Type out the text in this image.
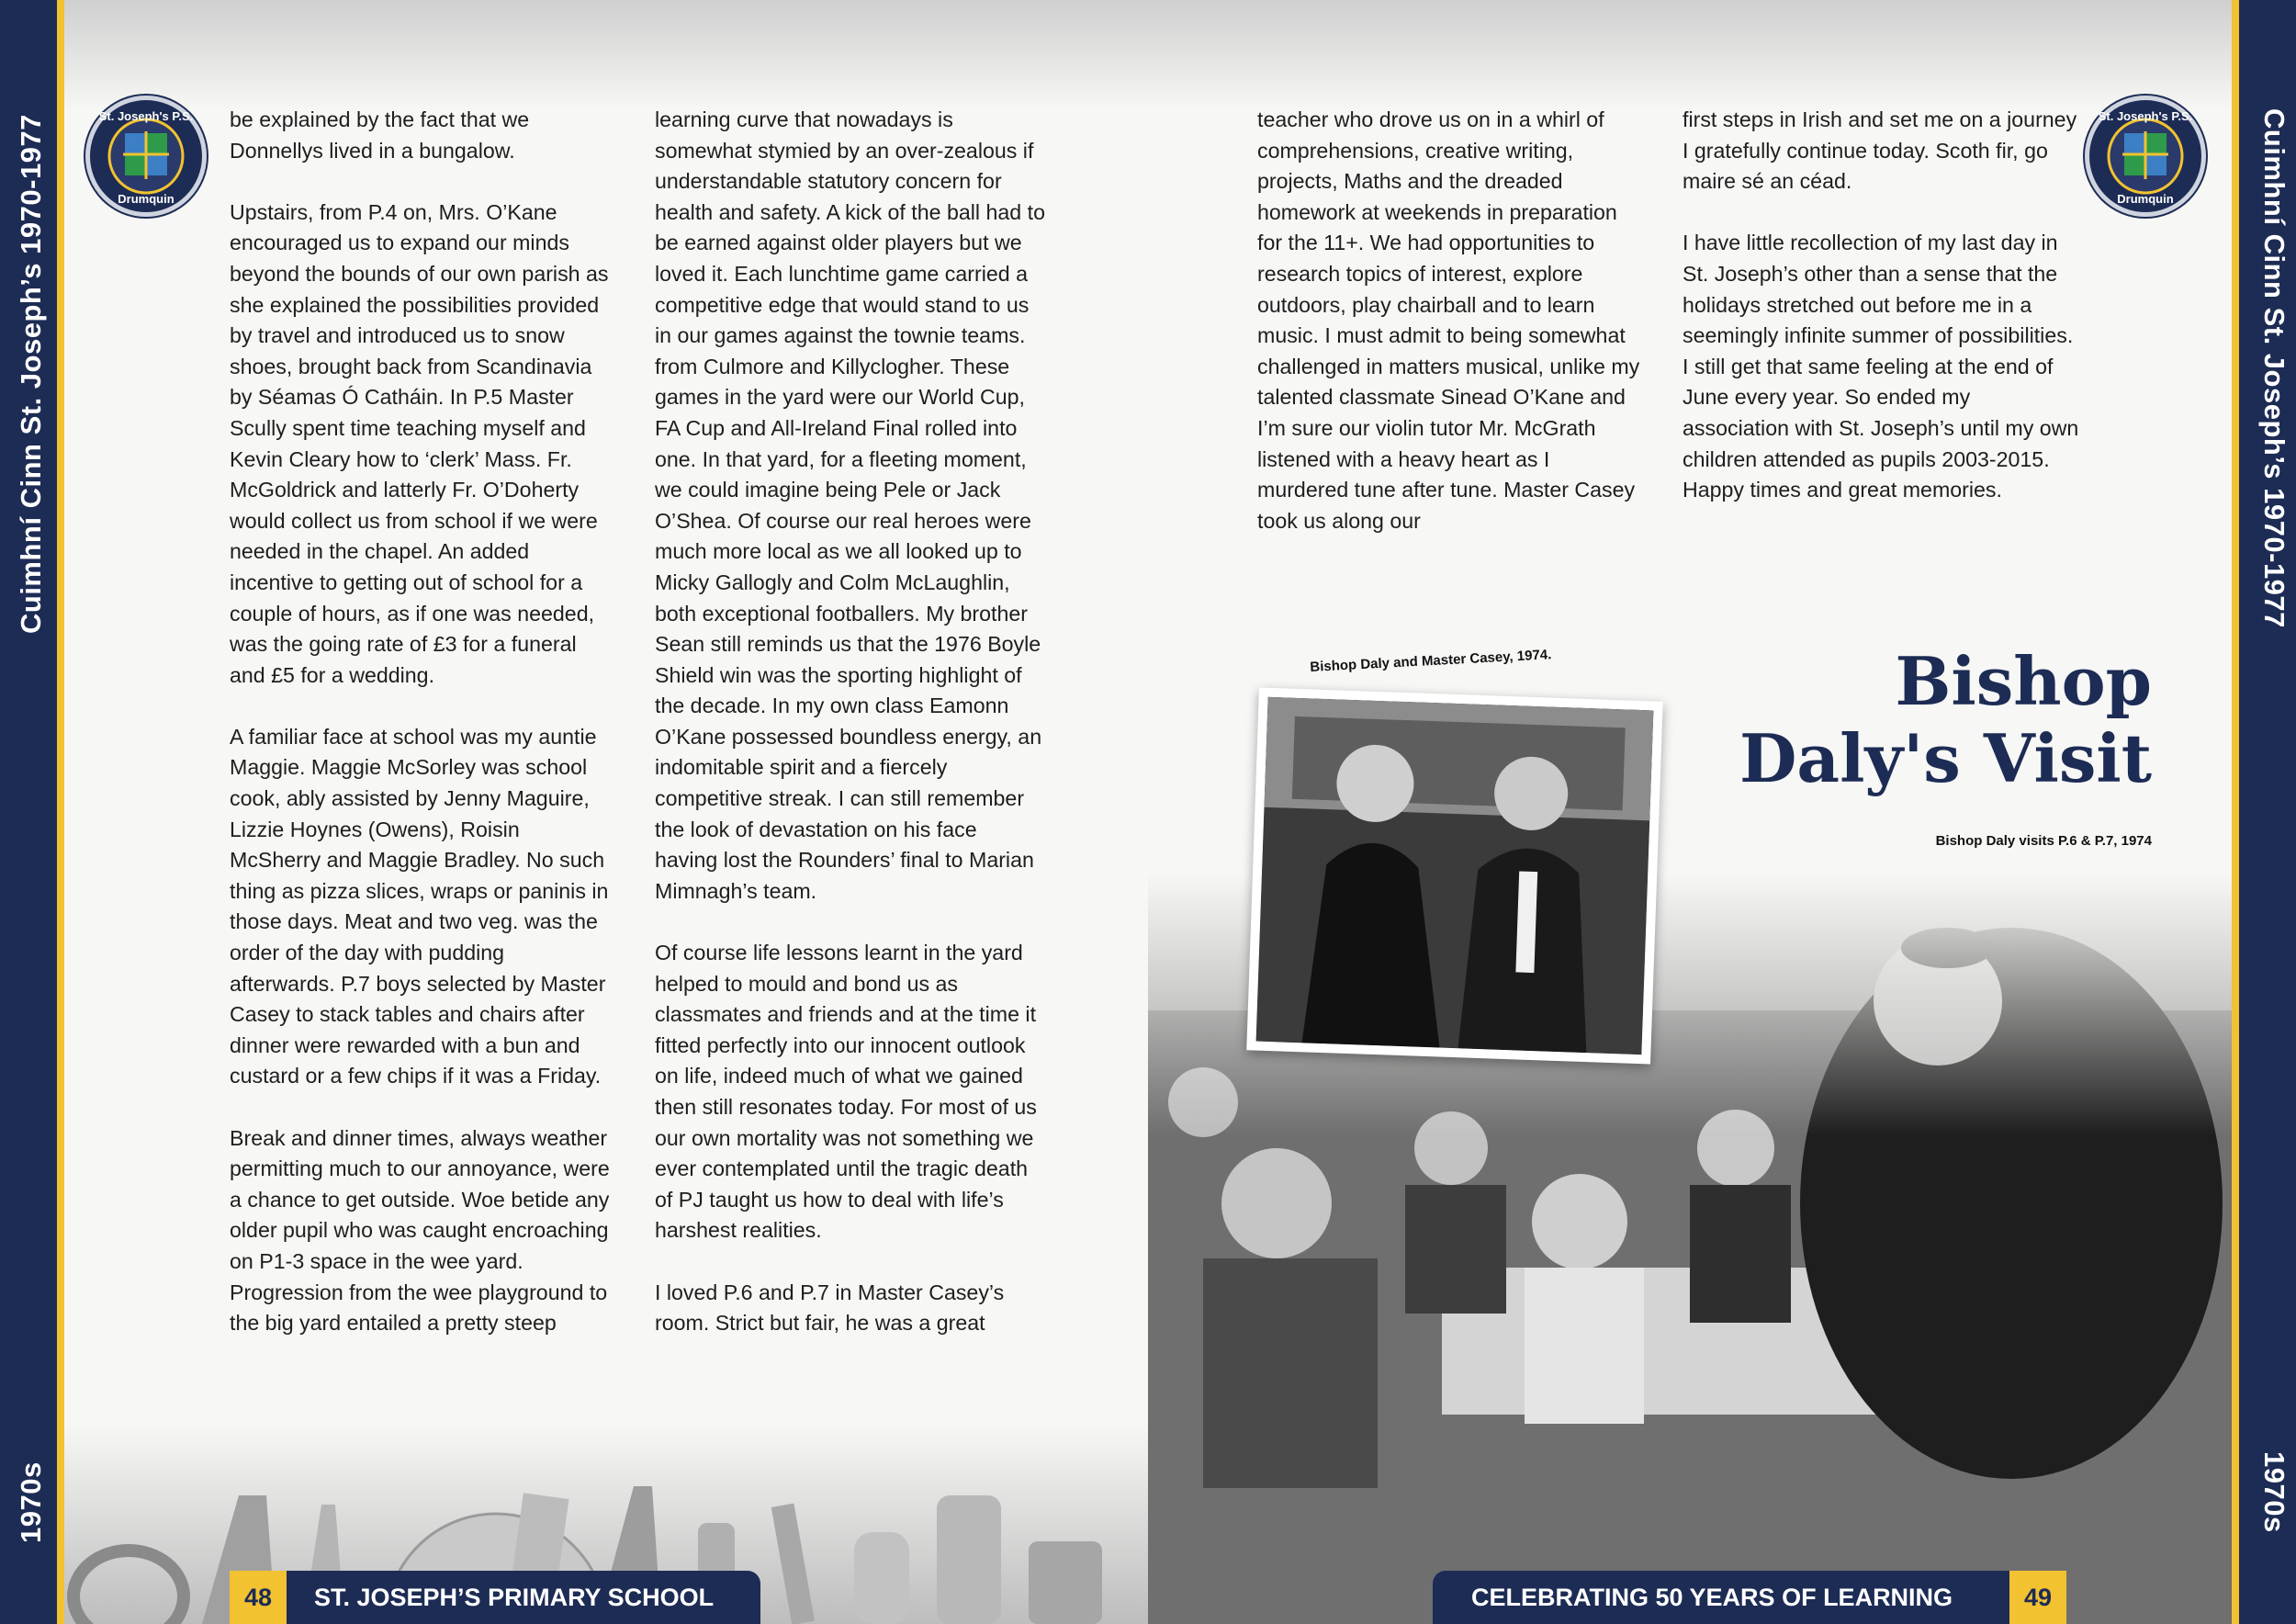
Cuimhní Cinn St. Joseph’s 1970-1977
1970s
St. Joseph's P.S.
Drumquin

be explained by the fact that we Donnellys lived in a bungalow.

Upstairs, from P.4 on, Mrs. O’Kane encouraged us to expand our minds beyond the bounds of our own parish as she explained the possibilities provided by travel and introduced us to snow shoes, brought back from Scandinavia by Séamas Ó Catháin. In P.5 Master Scully spent time teaching myself and Kevin Cleary how to ‘clerk’ Mass. Fr. McGoldrick and latterly Fr. O’Doherty would collect us from school if we were needed in the chapel. An added incentive to getting out of school for a couple of hours, as if one was needed, was the going rate of £3 for a funeral and £5 for a wedding.

A familiar face at school was my auntie Maggie. Maggie McSorley was school cook, ably assisted by Jenny Maguire, Lizzie Hoynes (Owens), Roisin McSherry and Maggie Bradley. No such thing as pizza slices, wraps or paninis in those days. Meat and two veg. was the order of the day with pudding afterwards. P.7 boys selected by Master Casey to stack tables and chairs after dinner were rewarded with a bun and custard or a few chips if it was a Friday.

Break and dinner times, always weather permitting much to our annoyance, were a chance to get outside. Woe betide any older pupil who was caught encroaching on P1-3 space in the wee yard. Progression from the wee playground to the big yard entailed a pretty steep

learning curve that nowadays is somewhat stymied by an over-zealous if understandable statutory concern for health and safety. A kick of the ball had to be earned against older players but we loved it. Each lunchtime game carried a competitive edge that would stand to us in our games against the townie teams. from Culmore and Killyclogher. These games in the yard were our World Cup, FA Cup and All-Ireland Final rolled into one. In that yard, for a fleeting moment, we could imagine being Pele or Jack O’Shea. Of course our real heroes were much more local as we all looked up to Micky Gallogly and Colm McLaughlin, both exceptional footballers. My brother Sean still reminds us that the 1976 Boyle Shield win was the sporting highlight of the decade. In my own class Eamonn O’Kane possessed boundless energy, an indomitable spirit and a fiercely competitive streak. I can still remember the look of devastation on his face having lost the Rounders’ final to Marian Mimnagh’s team.

Of course life lessons learnt in the yard helped to mould and bond us as classmates and friends and at the time it fitted perfectly into our innocent outlook on life, indeed much of what we gained then still resonates today. For most of us our own mortality was not something we ever contemplated until the tragic death of PJ taught us how to deal with life’s harshest realities.

I loved P.6 and P.7 in Master Casey’s room. Strict but fair, he was a great

48	ST. JOSEPH’S PRIMARY SCHOOL

teacher who drove us on in a whirl of comprehensions, creative writing, projects, Maths and the dreaded homework at weekends in preparation for the 11+. We had opportunities to research topics of interest, explore outdoors, play chairball and to learn music. I must admit to being somewhat challenged in matters musical, unlike my talented classmate Sinead O’Kane and I’m sure our violin tutor Mr. McGrath listened with a heavy heart as I murdered tune after tune. Master Casey took us along our

first steps in Irish and set me on a journey I gratefully continue today. Scoth fir, go maire sé an céad.

I have little recollection of my last day in St. Joseph’s other than a sense that the holidays stretched out before me in a seemingly infinite summer of possibilities. I still get that same feeling at the end of June every year. So ended my association with St. Joseph’s until my own children attended as pupils 2003-2015. Happy times and great memories.

St. Joseph's P.S.
Drumquin	Cuimhní Cinn St. Joseph’s 1970-1977
1970s
Bishop Daly and Master Casey, 1974.	Bishop
Daly's Visit
Bishop Daly visits P.6 & P.7, 1974
CELEBRATING 50 YEARS OF LEARNING	49
